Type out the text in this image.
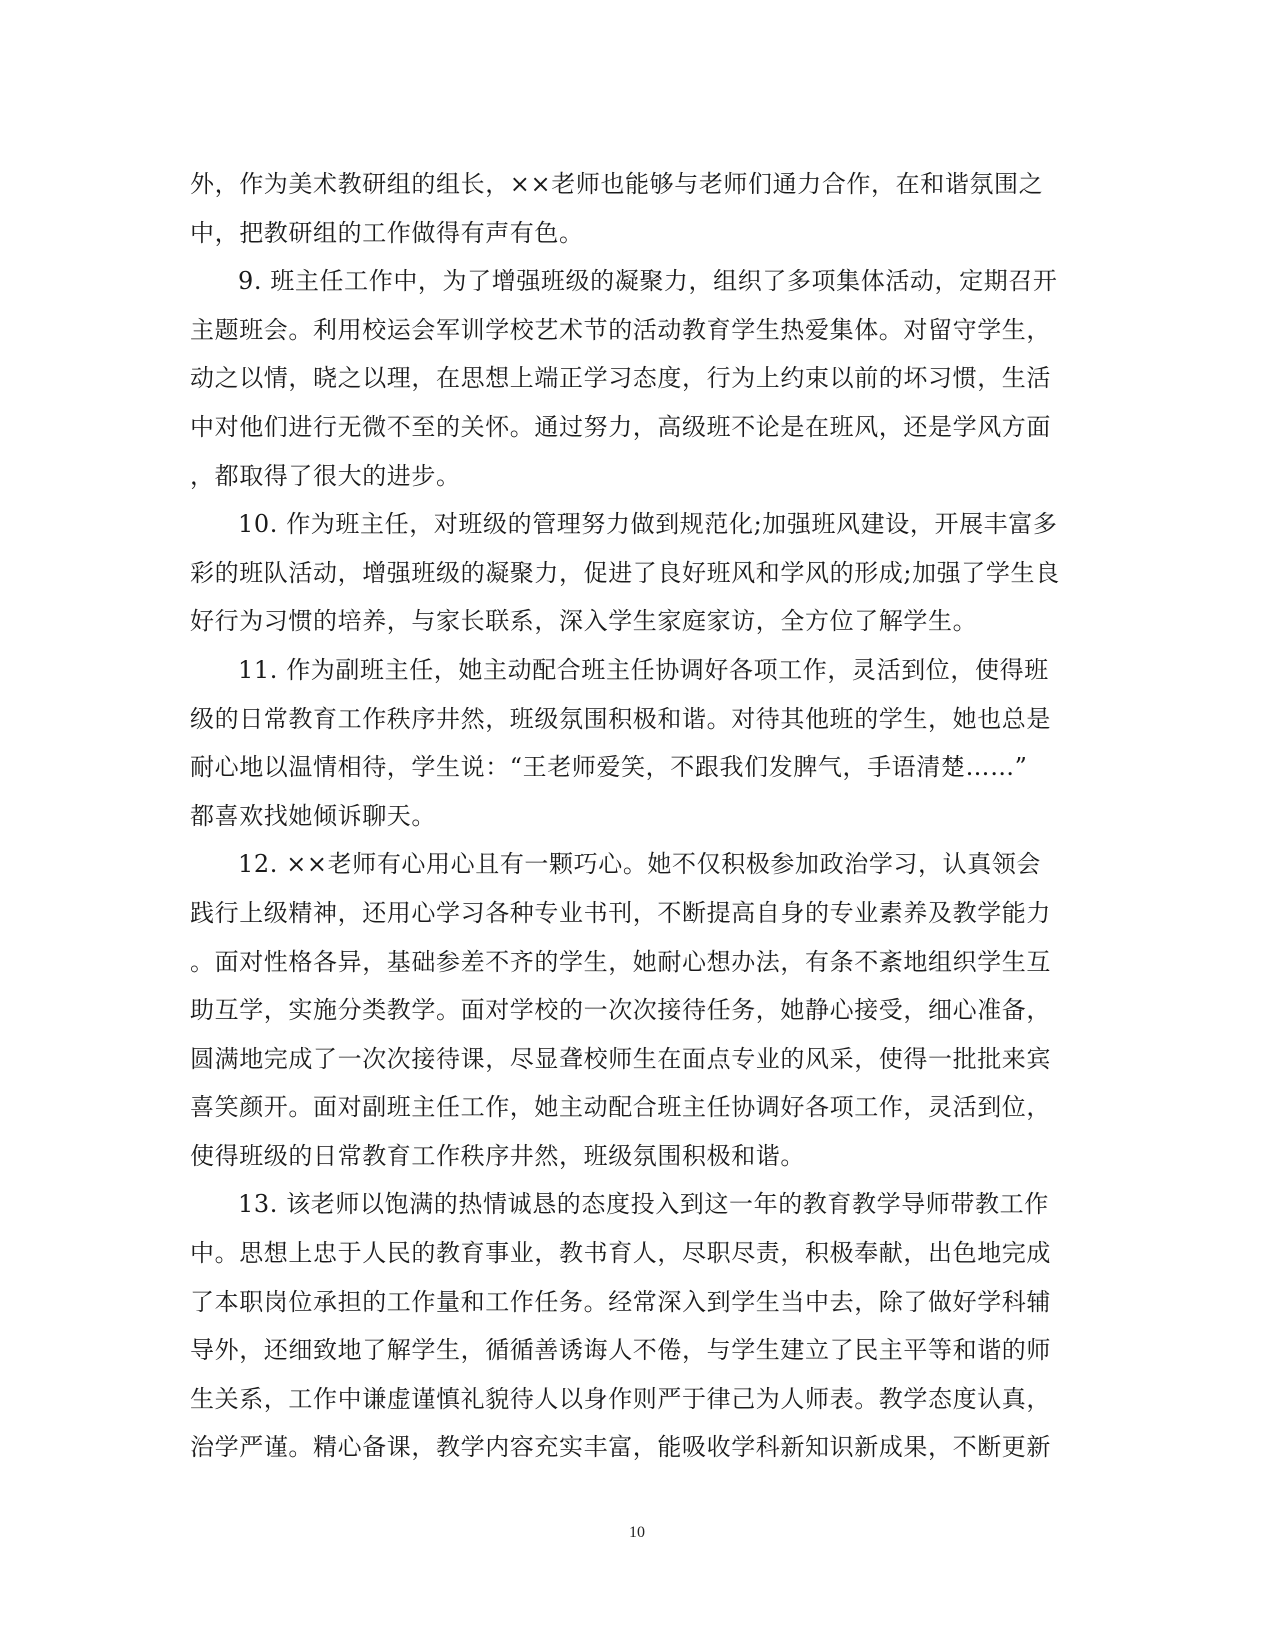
外，作为美术教研组的组长，××老师也能够与老师们通力合作，在和谐氛围之
中，把教研组的工作做得有声有色。

9. 班主任工作中，为了增强班级的凝聚力，组织了多项集体活动，定期召开
主题班会。利用校运会军训学校艺术节的活动教育学生热爱集体。对留守学生，
动之以情，晓之以理，在思想上端正学习态度，行为上约束以前的坏习惯，生活
中对他们进行无微不至的关怀。通过努力，高级班不论是在班风，还是学风方面
，都取得了很大的进步。

10. 作为班主任，对班级的管理努力做到规范化;加强班风建设，开展丰富多
彩的班队活动，增强班级的凝聚力，促进了良好班风和学风的形成;加强了学生良
好行为习惯的培养，与家长联系，深入学生家庭家访，全方位了解学生。

11. 作为副班主任，她主动配合班主任协调好各项工作，灵活到位，使得班
级的日常教育工作秩序井然，班级氛围积极和谐。对待其他班的学生，她也总是
耐心地以温情相待，学生说：“王老师爱笑，不跟我们发脾气，手语清楚……”
都喜欢找她倾诉聊天。

12. ××老师有心用心且有一颗巧心。她不仅积极参加政治学习，认真领会
践行上级精神，还用心学习各种专业书刊，不断提高自身的专业素养及教学能力
。面对性格各异，基础参差不齐的学生，她耐心想办法，有条不紊地组织学生互
助互学，实施分类教学。面对学校的一次次接待任务，她静心接受，细心准备，
圆满地完成了一次次接待课，尽显聋校师生在面点专业的风采，使得一批批来宾
喜笑颜开。面对副班主任工作，她主动配合班主任协调好各项工作，灵活到位，
使得班级的日常教育工作秩序井然，班级氛围积极和谐。

13. 该老师以饱满的热情诚恳的态度投入到这一年的教育教学导师带教工作
中。思想上忠于人民的教育事业，教书育人，尽职尽责，积极奉献，出色地完成
了本职岗位承担的工作量和工作任务。经常深入到学生当中去，除了做好学科辅
导外，还细致地了解学生，循循善诱诲人不倦，与学生建立了民主平等和谐的师
生关系，工作中谦虚谨慎礼貌待人以身作则严于律己为人师表。教学态度认真，
治学严谨。精心备课，教学内容充实丰富，能吸收学科新知识新成果，不断更新

10
